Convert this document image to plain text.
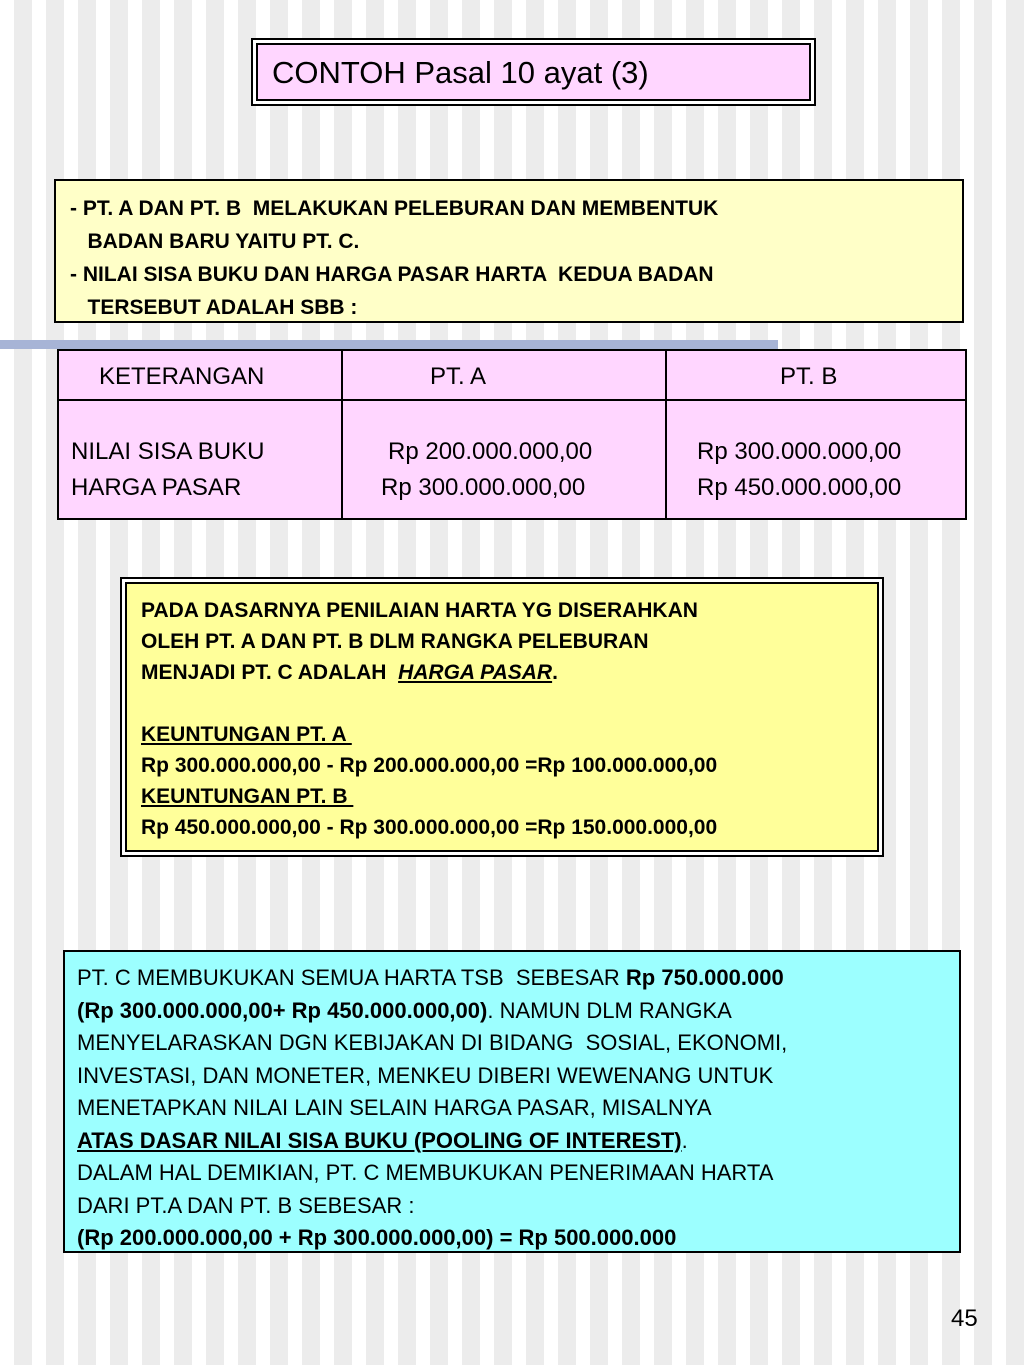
CONTOH Pasal 10 ayat (3)
- PT. A DAN PT. B  MELAKUKAN PELEBURAN DAN MEMBENTUK
BADAN BARU YAITU PT. C.
- NILAI SISA BUKU DAN HARGA PASAR HARTA  KEDUA BADAN
TERSEBUT ADALAH SBB :
KETERANGAN	PT. A	PT. B
NILAI SISA BUKU	Rp 200.000.000,00	Rp 300.000.000,00
HARGA PASAR	Rp 300.000.000,00	Rp 450.000.000,00
PADA DASARNYA PENILAIAN HARTA YG DISERAHKAN
OLEH PT. A DAN PT. B DLM RANGKA PELEBURAN
MENJADI PT. C ADALAH  HARGA PASAR.
KEUNTUNGAN PT. A
Rp 300.000.000,00 - Rp 200.000.000,00 =Rp 100.000.000,00
KEUNTUNGAN PT. B
Rp 450.000.000,00 - Rp 300.000.000,00 =Rp 150.000.000,00
PT. C MEMBUKUKAN SEMUA HARTA TSB  SEBESAR Rp 750.000.000
(Rp 300.000.000,00+ Rp 450.000.000,00). NAMUN DLM RANGKA
MENYELARASKAN DGN KEBIJAKAN DI BIDANG  SOSIAL, EKONOMI,
INVESTASI, DAN MONETER, MENKEU DIBERI WEWENANG UNTUK
MENETAPKAN NILAI LAIN SELAIN HARGA PASAR, MISALNYA
ATAS DASAR NILAI SISA BUKU (POOLING OF INTEREST).
DALAM HAL DEMIKIAN, PT. C MEMBUKUKAN PENERIMAAN HARTA
DARI PT.A DAN PT. B SEBESAR :
(Rp 200.000.000,00 + Rp 300.000.000,00) = Rp 500.000.000
45
